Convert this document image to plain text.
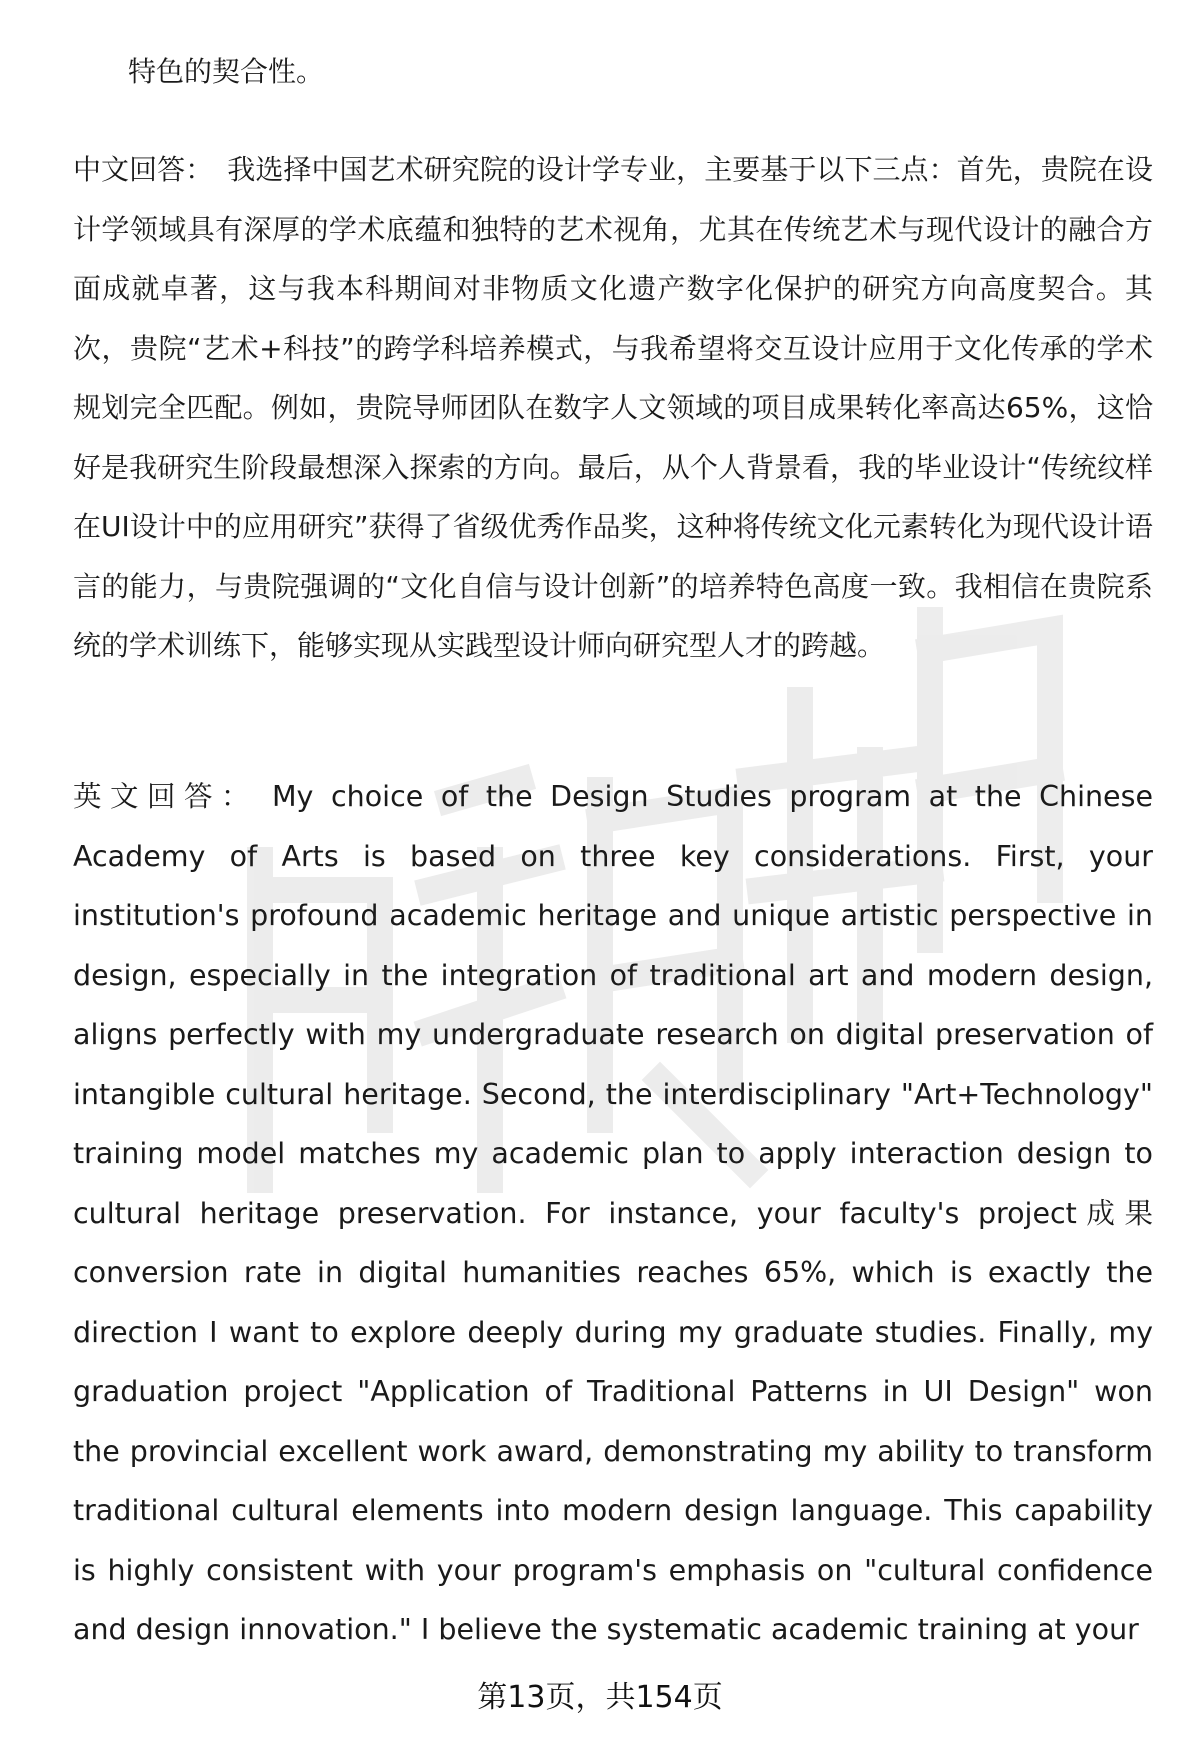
特色的契合性。

中文回答： 我选择中国艺术研究院的设计学专业，主要基于以下三点：首先，贵院在设计学领域具有深厚的学术底蕴和独特的艺术视角，尤其在传统艺术与现代设计的融合方面成就卓著，这与我本科期间对非物质文化遗产数字化保护的研究方向高度契合。其次，贵院“艺术+科技”的跨学科培养模式，与我希望将交互设计应用于文化传承的学术规划完全匹配。例如，贵院导师团队在数字人文领域的项目成果转化率高达65%，这恰好是我研究生阶段最想深入探索的方向。最后，从个人背景看，我的毕业设计“传统纹样在UI设计中的应用研究”获得了省级优秀作品奖，这种将传统文化元素转化为现代设计语言的能力，与贵院强调的“文化自信与设计创新”的培养特色高度一致。我相信在贵院系统的学术训练下，能够实现从实践型设计师向研究型人才的跨越。

英文回答： My choice of the Design Studies program at the Chinese Academy of Arts is based on three key considerations. First, your institution's profound academic heritage and unique artistic perspective in design, especially in the integration of traditional art and modern design, aligns perfectly with my undergraduate research on digital preservation of intangible cultural heritage. Second, the interdisciplinary "Art+Technology" training model matches my academic plan to apply interaction design to cultural heritage preservation. For instance, your faculty's project成果 conversion rate in digital humanities reaches 65%, which is exactly the direction I want to explore deeply during my graduate studies. Finally, my graduation project "Application of Traditional Patterns in UI Design" won the provincial excellent work award, demonstrating my ability to transform traditional cultural elements into modern design language. This capability is highly consistent with your program's emphasis on "cultural confidence and design innovation." I believe the systematic academic training at your

第13页，共154页
